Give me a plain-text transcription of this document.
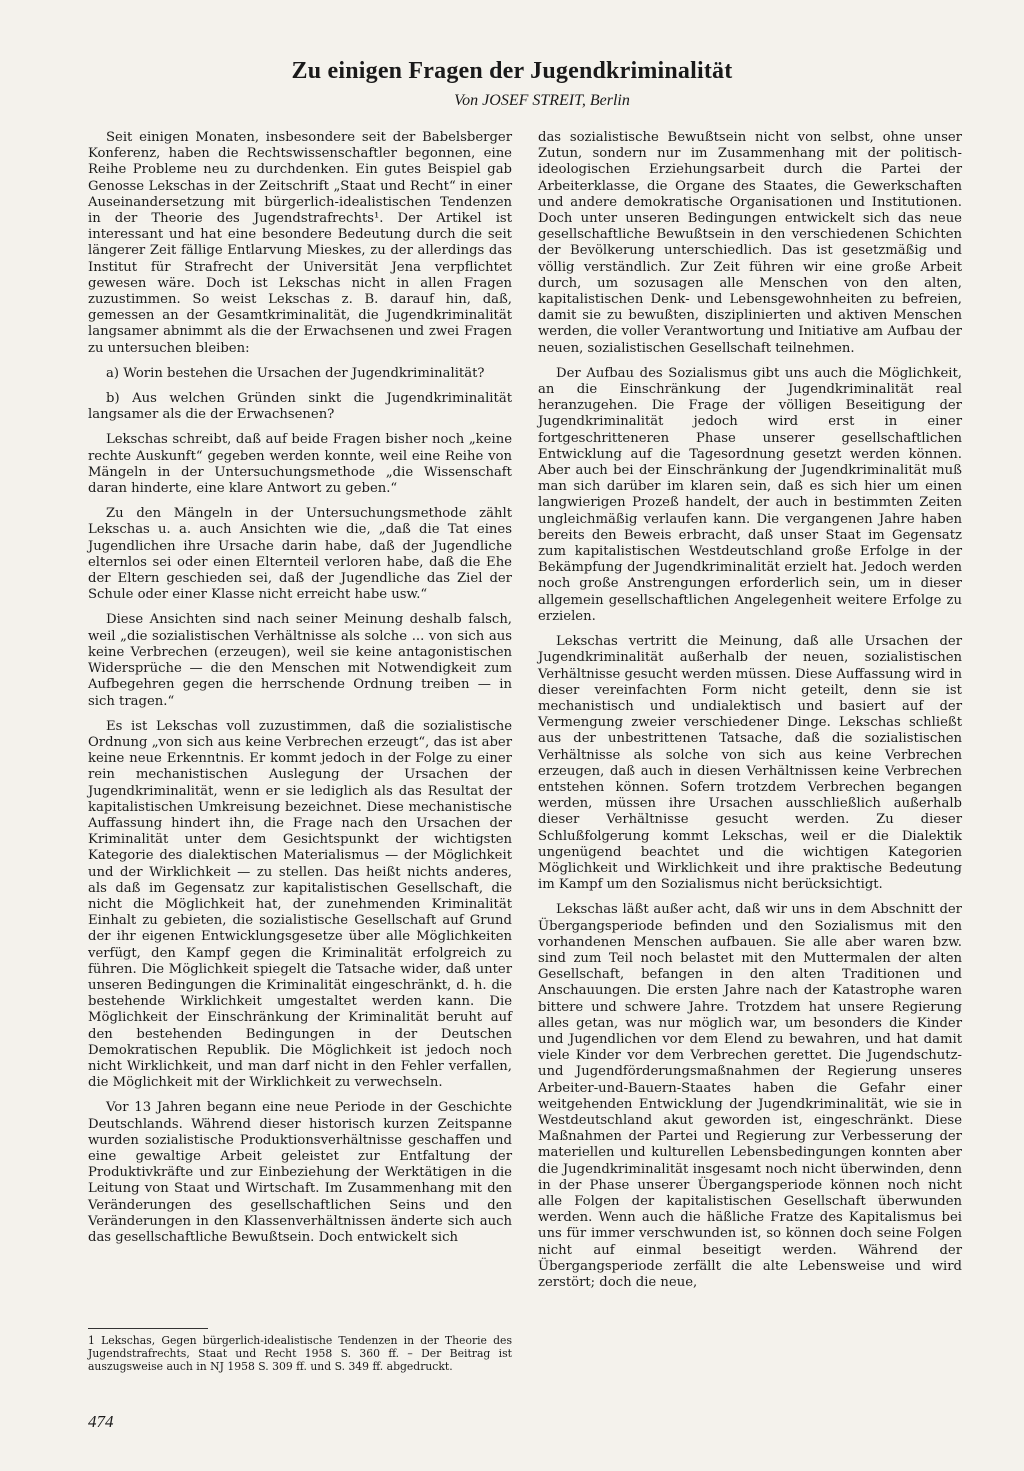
Zu einigen Fragen der Jugendkriminalität
Von JOSEF STREIT, Berlin

Seit einigen Monaten, insbesondere seit der Babelsberger Konferenz, haben die Rechtswissenschaftler begonnen, eine Reihe Probleme neu zu durchdenken. Ein gutes Beispiel gab Genosse Lekschas in der Zeitschrift „Staat und Recht“ in einer Auseinandersetzung mit bürgerlich-idealistischen Tendenzen in der Theorie des Jugendstrafrechts¹. Der Artikel ist interessant und hat eine besondere Bedeutung durch die seit längerer Zeit fällige Entlarvung Mieskes, zu der allerdings das Institut für Strafrecht der Universität Jena verpflichtet gewesen wäre. Doch ist Lekschas nicht in allen Fragen zuzustimmen. So weist Lekschas z. B. darauf hin, daß, gemessen an der Gesamtkriminalität, die Jugendkriminalität langsamer abnimmt als die der Erwachsenen und zwei Fragen zu untersuchen bleiben:

a) Worin bestehen die Ursachen der Jugendkriminalität?

b) Aus welchen Gründen sinkt die Jugendkriminalität langsamer als die der Erwachsenen?

Lekschas schreibt, daß auf beide Fragen bisher noch „keine rechte Auskunft“ gegeben werden konnte, weil eine Reihe von Mängeln in der Untersuchungsmethode „die Wissenschaft daran hinderte, eine klare Antwort zu geben.“

Zu den Mängeln in der Untersuchungsmethode zählt Lekschas u. a. auch Ansichten wie die, „daß die Tat eines Jugendlichen ihre Ursache darin habe, daß der Jugendliche elternlos sei oder einen Elternteil verloren habe, daß die Ehe der Eltern geschieden sei, daß der Jugendliche das Ziel der Schule oder einer Klasse nicht erreicht habe usw.“

Diese Ansichten sind nach seiner Meinung deshalb falsch, weil „die sozialistischen Verhältnisse als solche ... von sich aus keine Verbrechen (erzeugen), weil sie keine antagonistischen Widersprüche — die den Menschen mit Notwendigkeit zum Aufbegehren gegen die herrschende Ordnung treiben — in sich tragen.“

Es ist Lekschas voll zuzustimmen, daß die sozialistische Ordnung „von sich aus keine Verbrechen erzeugt“, das ist aber keine neue Erkenntnis. Er kommt jedoch in der Folge zu einer rein mechanistischen Auslegung der Ursachen der Jugendkriminalität, wenn er sie lediglich als das Resultat der kapitalistischen Umkreisung bezeichnet. Diese mechanistische Auffassung hindert ihn, die Frage nach den Ursachen der Kriminalität unter dem Gesichtspunkt der wichtigsten Kategorie des dialektischen Materialismus — der Möglichkeit und der Wirklichkeit — zu stellen. Das heißt nichts anderes, als daß im Gegensatz zur kapitalistischen Gesellschaft, die nicht die Möglichkeit hat, der zunehmenden Kriminalität Einhalt zu gebieten, die sozialistische Gesellschaft auf Grund der ihr eigenen Entwicklungsgesetze über alle Möglichkeiten verfügt, den Kampf gegen die Kriminalität erfolgreich zu führen. Die Möglichkeit spiegelt die Tatsache wider, daß unter unseren Bedingungen die Kriminalität eingeschränkt, d. h. die bestehende Wirklichkeit umgestaltet werden kann. Die Möglichkeit der Einschränkung der Kriminalität beruht auf den bestehenden Bedingungen in der Deutschen Demokratischen Republik. Die Möglichkeit ist jedoch noch nicht Wirklichkeit, und man darf nicht in den Fehler verfallen, die Möglichkeit mit der Wirklichkeit zu verwechseln.

Vor 13 Jahren begann eine neue Periode in der Geschichte Deutschlands. Während dieser historisch kurzen Zeitspanne wurden sozialistische Produktionsverhältnisse geschaffen und eine gewaltige Arbeit geleistet zur Entfaltung der Produktivkräfte und zur Einbeziehung der Werktätigen in die Leitung von Staat und Wirtschaft. Im Zusammenhang mit den Veränderungen des gesellschaftlichen Seins und den Veränderungen in den Klassenverhältnissen änderte sich auch das gesellschaftliche Bewußtsein. Doch entwickelt sich

das sozialistische Bewußtsein nicht von selbst, ohne unser Zutun, sondern nur im Zusammenhang mit der politisch-ideologischen Erziehungsarbeit durch die Partei der Arbeiterklasse, die Organe des Staates, die Gewerkschaften und andere demokratische Organisationen und Institutionen. Doch unter unseren Bedingungen entwickelt sich das neue gesellschaftliche Bewußtsein in den verschiedenen Schichten der Bevölkerung unterschiedlich. Das ist gesetzmäßig und völlig verständlich. Zur Zeit führen wir eine große Arbeit durch, um sozusagen alle Menschen von den alten, kapitalistischen Denk- und Lebensgewohnheiten zu befreien, damit sie zu bewußten, disziplinierten und aktiven Menschen werden, die voller Verantwortung und Initiative am Aufbau der neuen, sozialistischen Gesellschaft teilnehmen.

Der Aufbau des Sozialismus gibt uns auch die Möglichkeit, an die Einschränkung der Jugendkriminalität real heranzugehen. Die Frage der völligen Beseitigung der Jugendkriminalität jedoch wird erst in einer fortgeschritteneren Phase unserer gesellschaftlichen Entwicklung auf die Tagesordnung gesetzt werden können. Aber auch bei der Einschränkung der Jugendkriminalität muß man sich darüber im klaren sein, daß es sich hier um einen langwierigen Prozeß handelt, der auch in bestimmten Zeiten ungleichmäßig verlaufen kann. Die vergangenen Jahre haben bereits den Beweis erbracht, daß unser Staat im Gegensatz zum kapitalistischen Westdeutschland große Erfolge in der Bekämpfung der Jugendkriminalität erzielt hat. Jedoch werden noch große Anstrengungen erforderlich sein, um in dieser allgemein gesellschaftlichen Angelegenheit weitere Erfolge zu erzielen.

Lekschas vertritt die Meinung, daß alle Ursachen der Jugendkriminalität außerhalb der neuen, sozialistischen Verhältnisse gesucht werden müssen. Diese Auffassung wird in dieser vereinfachten Form nicht geteilt, denn sie ist mechanistisch und undialektisch und basiert auf der Vermengung zweier verschiedener Dinge. Lekschas schließt aus der unbestrittenen Tatsache, daß die sozialistischen Verhältnisse als solche von sich aus keine Verbrechen erzeugen, daß auch in diesen Verhältnissen keine Verbrechen entstehen können. Sofern trotzdem Verbrechen begangen werden, müssen ihre Ursachen ausschließlich außerhalb dieser Verhältnisse gesucht werden. Zu dieser Schlußfolgerung kommt Lekschas, weil er die Dialektik ungenügend beachtet und die wichtigen Kategorien Möglichkeit und Wirklichkeit und ihre praktische Bedeutung im Kampf um den Sozialismus nicht berücksichtigt.

Lekschas läßt außer acht, daß wir uns in dem Abschnitt der Übergangsperiode befinden und den Sozialismus mit den vorhandenen Menschen aufbauen. Sie alle aber waren bzw. sind zum Teil noch belastet mit den Muttermalen der alten Gesellschaft, befangen in den alten Traditionen und Anschauungen. Die ersten Jahre nach der Katastrophe waren bittere und schwere Jahre. Trotzdem hat unsere Regierung alles getan, was nur möglich war, um besonders die Kinder und Jugendlichen vor dem Elend zu bewahren, und hat damit viele Kinder vor dem Verbrechen gerettet. Die Jugendschutz- und Jugendförderungsmaßnahmen der Regierung unseres Arbeiter-und-Bauern-Staates haben die Gefahr einer weitgehenden Entwicklung der Jugendkriminalität, wie sie in Westdeutschland akut geworden ist, eingeschränkt. Diese Maßnahmen der Partei und Regierung zur Verbesserung der materiellen und kulturellen Lebensbedingungen konnten aber die Jugendkriminalität insgesamt noch nicht überwinden, denn in der Phase unserer Übergangsperiode können noch nicht alle Folgen der kapitalistischen Gesellschaft überwunden werden. Wenn auch die häßliche Fratze des Kapitalismus bei uns für immer verschwunden ist, so können doch seine Folgen nicht auf einmal beseitigt werden. Während der Übergangsperiode zerfällt die alte Lebensweise und wird zerstört; doch die neue,

1 Lekschas, Gegen bürgerlich-idealistische Tendenzen in der Theorie des Jugendstrafrechts, Staat und Recht 1958 S. 360 ff. – Der Beitrag ist auszugsweise auch in NJ 1958 S. 309 ff. und S. 349 ff. abgedruckt.
474
